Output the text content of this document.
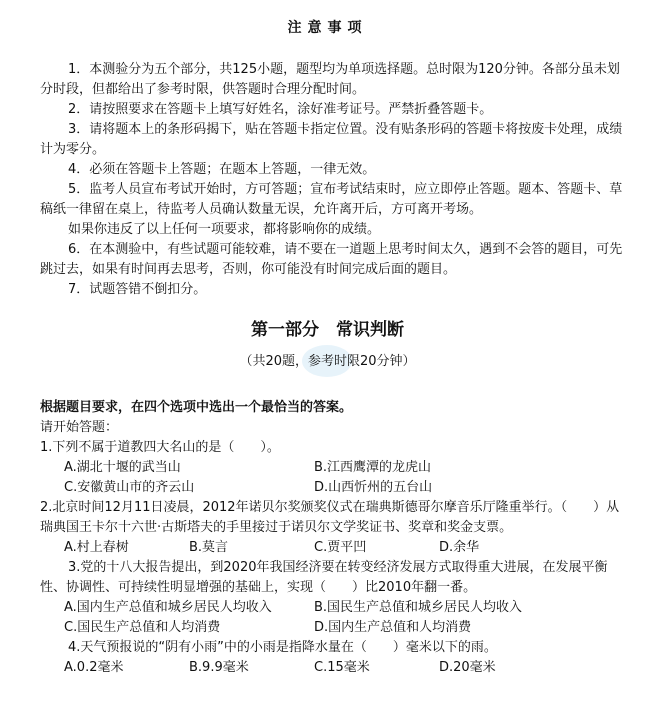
注意事项

1．本测验分为五个部分，共125小题，题型均为单项选择题。总时限为120分钟。各部分虽未划分时段，但都给出了参考时限，供答题时合理分配时间。

2．请按照要求在答题卡上填写好姓名，涂好准考证号。严禁折叠答题卡。

3．请将题本上的条形码揭下，贴在答题卡指定位置。没有贴条形码的答题卡将按废卡处理，成绩计为零分。

4．必须在答题卡上答题；在题本上答题，一律无效。

5．监考人员宣布考试开始时，方可答题；宣布考试结束时，应立即停止答题。题本、答题卡、草稿纸一律留在桌上，待监考人员确认数量无误，允许离开后，方可离开考场。

如果你违反了以上任何一项要求，都将影响你的成绩。

6．在本测验中，有些试题可能较难，请不要在一道题上思考时间太久，遇到不会答的题目，可先跳过去，如果有时间再去思考，否则，你可能没有时间完成后面的题目。

7．试题答错不倒扣分。

第一部分　常识判断
（共20题，参考时限20分钟）

根据题目要求，在四个选项中选出一个最恰当的答案。

请开始答题：

1.下列不属于道教四大名山的是（　　）。

A.湖北十堰的武当山	B.江西鹰潭的龙虎山
C.安徽黄山市的齐云山	D.山西忻州的五台山

2.北京时间12月11日凌晨，2012年诺贝尔奖颁奖仪式在瑞典斯德哥尔摩音乐厅隆重举行。（　　）从瑞典国王卡尔十六世·古斯塔夫的手里接过于诺贝尔文学奖证书、奖章和奖金支票。

A.村上春树	B.莫言	C.贾平凹	D.余华

3.党的十八大报告提出，到2020年我国经济要在转变经济发展方式取得重大进展，在发展平衡性、协调性、可持续性明显增强的基础上，实现（　　）比2010年翻一番。

A.国内生产总值和城乡居民人均收入	B.国民生产总值和城乡居民人均收入
C.国民生产总值和人均消费	D.国内生产总值和人均消费

4.天气预报说的“阴有小雨”中的小雨是指降水量在（　　）毫米以下的雨。

A.0.2毫米	B.9.9毫米	C.15毫米	D.20毫米
